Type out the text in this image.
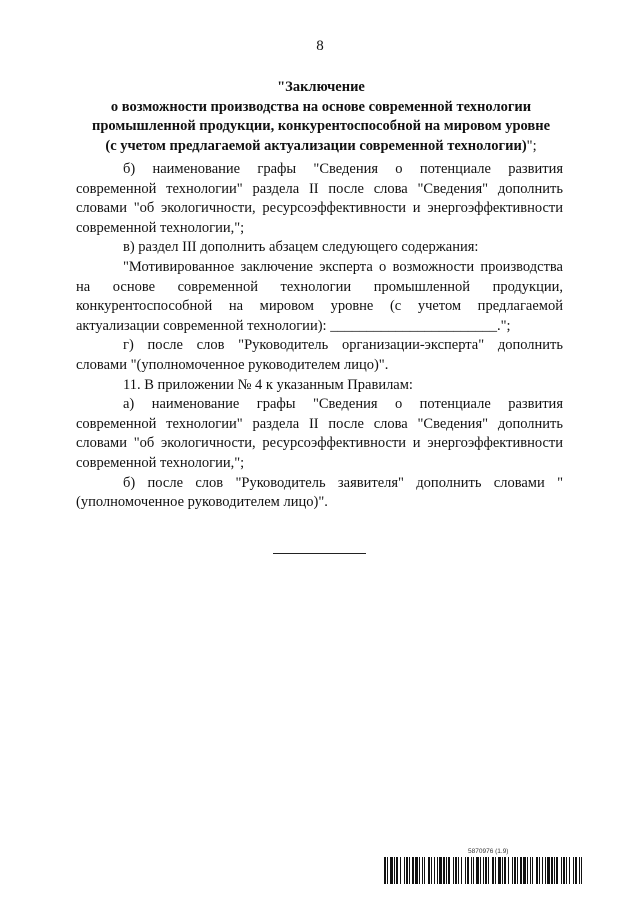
8
"Заключение
о возможности производства на основе современной технологии
промышленной продукции, конкурентоспособной на мировом уровне
(с учетом предлагаемой актуализации современной технологии)";

б) наименование графы "Сведения о потенциале развития современной технологии" раздела II после слова "Сведения" дополнить словами "об экологичности, ресурсоэффективности и энергоэффективности современной технологии,";

в) раздел III дополнить абзацем следующего содержания:

"Мотивированное заключение эксперта о возможности производства на основе современной технологии промышленной продукции, конкурентоспособной на мировом уровне (с учетом предлагаемой актуализации современной технологии): _______________________.";

г) после слов "Руководитель организации-эксперта" дополнить словами "(уполномоченное руководителем лицо)".

11. В приложении № 4 к указанным Правилам:

а) наименование графы "Сведения о потенциале развития современной технологии" раздела II после слова "Сведения" дополнить словами "об экологичности, ресурсоэффективности и энергоэффективности современной технологии,";

б) после слов "Руководитель заявителя" дополнить словами "(уполномоченное руководителем лицо)".

5870976 (1.9)
